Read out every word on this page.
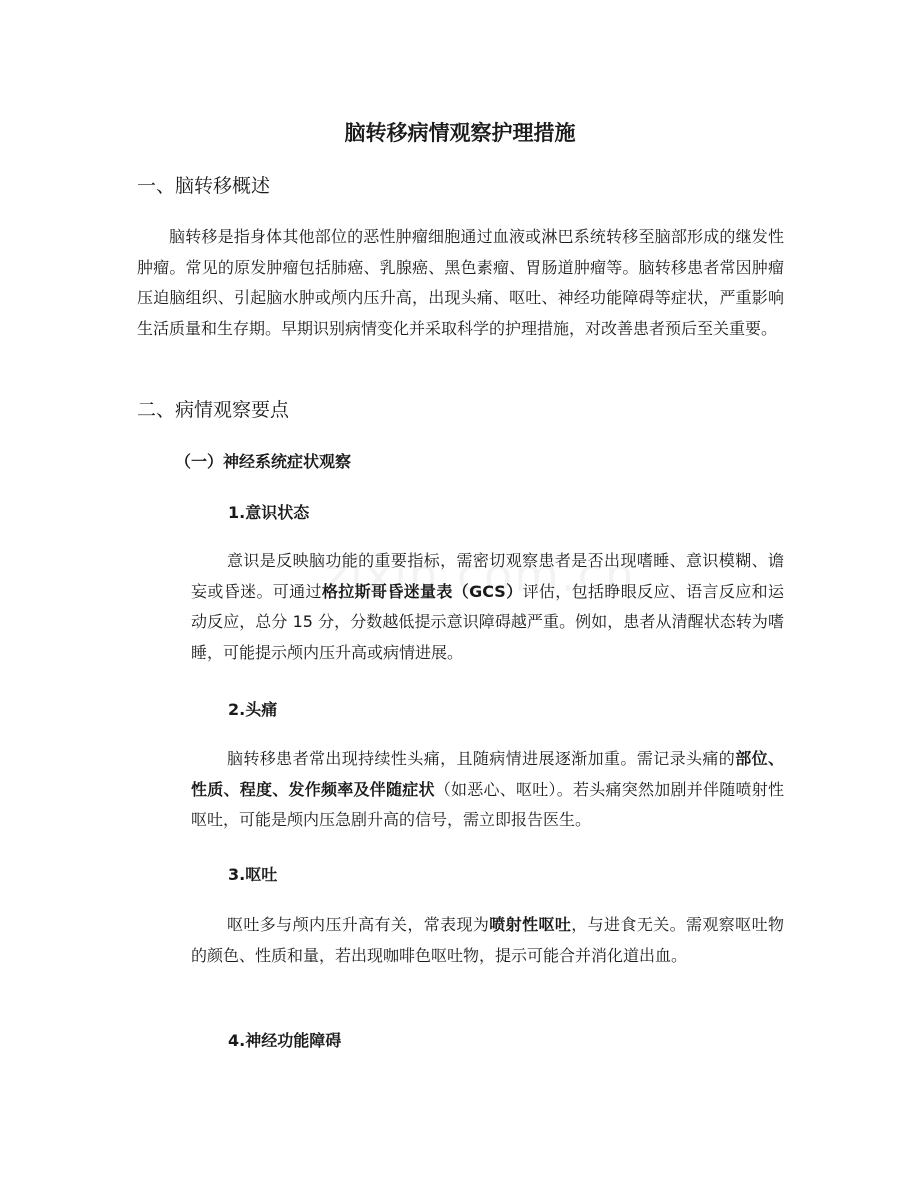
脑转移病情观察护理措施
一、脑转移概述

脑转移是指身体其他部位的恶性肿瘤细胞通过血液或淋巴系统转移至脑部形成的继发性肿瘤。常见的原发肿瘤包括肺癌、乳腺癌、黑色素瘤、胃肠道肿瘤等。脑转移患者常因肿瘤压迫脑组织、引起脑水肿或颅内压升高，出现头痛、呕吐、神经功能障碍等症状，严重影响生活质量和生存期。早期识别病情变化并采取科学的护理措施，对改善患者预后至关重要。

二、病情观察要点
（一）神经系统症状观察
1.意识状态

意识是反映脑功能的重要指标，需密切观察患者是否出现嗜睡、意识模糊、谵妄或昏迷。可通过格拉斯哥昏迷量表（GCS）评估，包括睁眼反应、语言反应和运动反应，总分 15 分，分数越低提示意识障碍越严重。例如，患者从清醒状态转为嗜睡，可能提示颅内压升高或病情进展。

2.头痛

脑转移患者常出现持续性头痛，且随病情进展逐渐加重。需记录头痛的部位、性质、程度、发作频率及伴随症状（如恶心、呕吐）。若头痛突然加剧并伴随喷射性呕吐，可能是颅内压急剧升高的信号，需立即报告医生。

3.呕吐

呕吐多与颅内压升高有关，常表现为喷射性呕吐，与进食无关。需观察呕吐物的颜色、性质和量，若出现咖啡色呕吐物，提示可能合并消化道出血。

4.神经功能障碍
